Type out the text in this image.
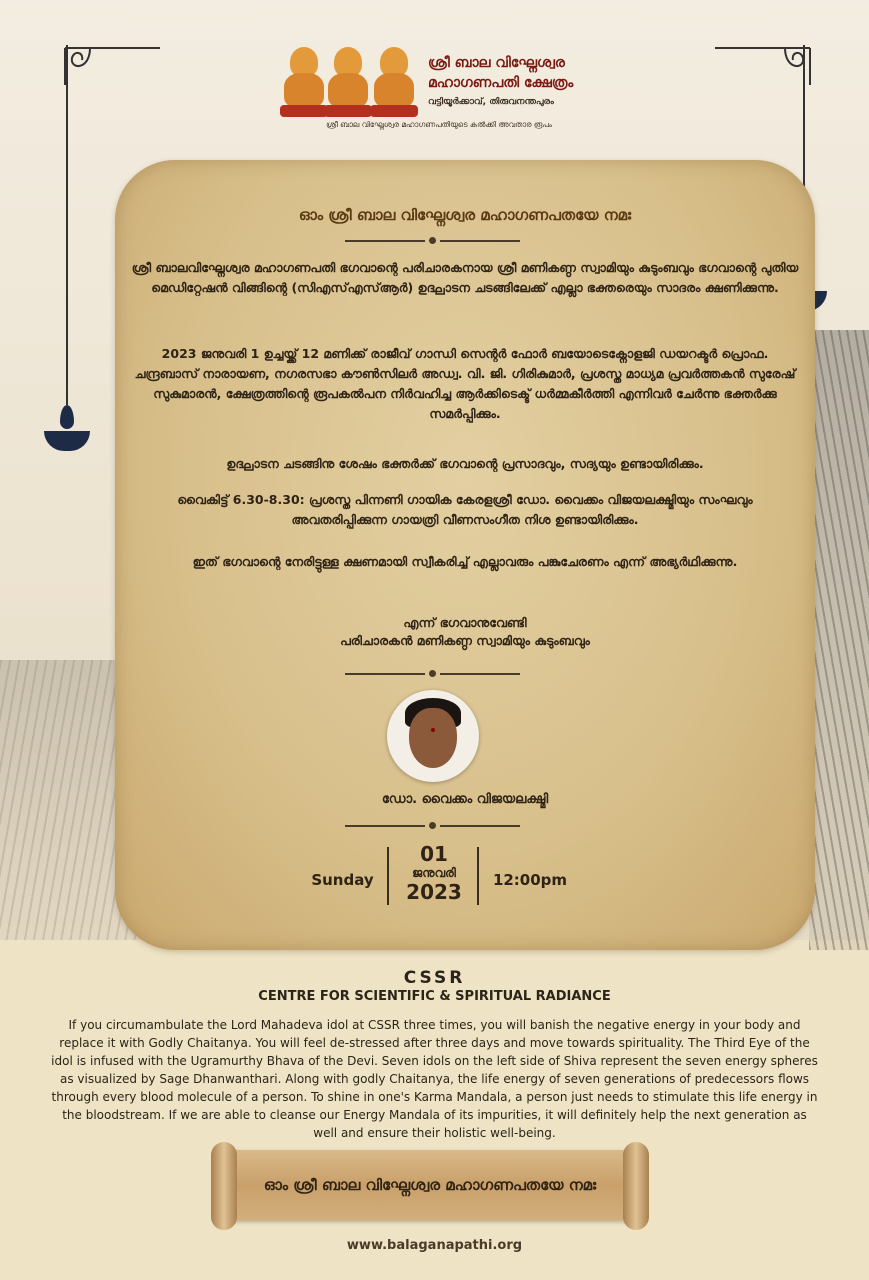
ശ്രീ ബാല വിഘ്നേശ്വര
മഹാഗണപതി ക്ഷേത്രം
വട്ടിയൂർക്കാവ്, തിരുവനന്തപുരം
ശ്രീ ബാല വിഘ്നേശ്വര മഹാഗണപതിയുടെ കൽക്കി അവതാര രൂപം
ഓം ശ്രീ ബാല വിഘ്നേശ്വര മഹാഗണപതയേ നമഃ

ശ്രീ ബാലവിഘ്നേശ്വര മഹാഗണപതി ഭഗവാന്റെ പരിചാരകനായ ശ്രീ മണികണ്ഠ സ്വാമിയും കുടുംബവും ഭഗവാന്റെ പുതിയ മെഡിറ്റേഷൻ വിങ്ങിന്റെ (സിഎസ്എസ്ആർ) ഉദ്ഘാടന ചടങ്ങിലേക്ക് എല്ലാ ഭക്തരെയും സാദരം ക്ഷണിക്കുന്നു.

2023 ജനുവരി 1 ഉച്ചയ്ക്ക് 12 മണിക്ക് രാജീവ് ഗാന്ധി സെന്റർ ഫോർ ബയോടെക്നോളജി ഡയറക്ടർ പ്രൊഫ. ചന്ദ്രബാസ് നാരായണ, നഗരസഭാ കൗൺസിലർ അഡ്വ. വി. ജി. ഗിരികുമാർ, പ്രശസ്ത മാധ്യമ പ്രവർത്തകൻ സുരേഷ് സുകുമാരൻ, ക്ഷേത്രത്തിന്റെ രൂപകൽപന നിർവഹിച്ച ആർക്കിടെക്ട് ധർമ്മകീർത്തി എന്നിവർ ചേർന്നു ഭക്തർക്കു സമർപ്പിക്കും.

ഉദ്ഘാടന ചടങ്ങിനു ശേഷം ഭക്തർക്ക് ഭഗവാന്റെ പ്രസാദവും, സദ്യയും ഉണ്ടായിരിക്കും.

വൈകിട്ട് 6.30-8.30: പ്രശസ്ത പിന്നണി ഗായിക കേരളശ്രീ ഡോ. വൈക്കം വിജയലക്ഷ്മിയും സംഘവും അവതരിപ്പിക്കുന്ന ഗായത്രി വീണസംഗീത നിശ ഉണ്ടായിരിക്കും.

ഇത് ഭഗവാന്റെ നേരിട്ടുള്ള ക്ഷണമായി സ്വീകരിച്ച് എല്ലാവരും പങ്കുചേരണം എന്ന് അഭ്യർഥിക്കുന്നു.

എന്ന് ഭഗവാനുവേണ്ടി

പരിചാരകൻ മണികണ്ഠ സ്വാമിയും കുടുംബവും

ഡോ. വൈക്കം വിജയലക്ഷ്മി
Sunday
01
ജനുവരി
2023	12:00pm
CSSR
CENTRE FOR SCIENTIFIC & SPIRITUAL RADIANCE

If you circumambulate the Lord Mahadeva idol at CSSR three times, you will banish the negative energy in your body and replace it with Godly Chaitanya. You will feel de-stressed after three days and move towards spirituality. The Third Eye of the idol is infused with the Ugramurthy Bhava of the Devi. Seven idols on the left side of Shiva represent the seven energy spheres as visualized by Sage Dhanwanthari. Along with godly Chaitanya, the life energy of seven generations of predecessors flows through every blood molecule of a person. To shine in one's Karma Mandala, a person just needs to stimulate this life energy in the bloodstream. If we are able to cleanse our Energy Mandala of its impurities, it will definitely help the next generation as well and ensure their holistic well-being.

ഓം ശ്രീ ബാല വിഘ്നേശ്വര മഹാഗണപതയേ നമഃ
www.balaganapathi.org
